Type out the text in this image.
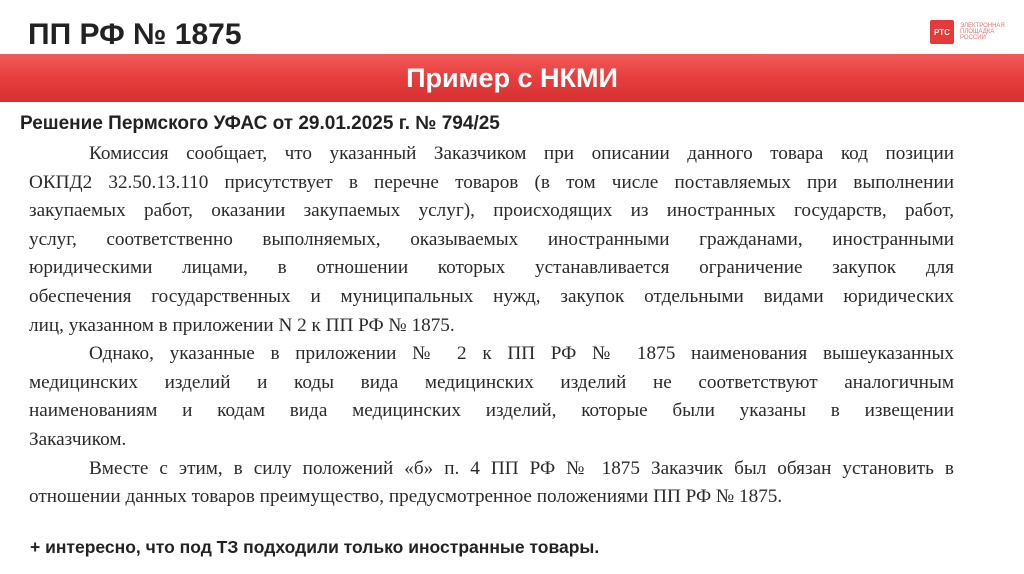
ПП РФ № 1875	РТС
ЭЛЕКТРОННАЯ ПЛОЩАДКА РОССИИ
Пример с НКМИ
Решение Пермского УФАС от 29.01.2025 г. № 794/25

Комиссия сообщает, что указанный Заказчиком при описании данного товара код позиции
ОКПД2 32.50.13.110 присутствует в перечне товаров (в том числе поставляемых при выполнении
закупаемых работ, оказании закупаемых услуг), происходящих из иностранных государств, работ,
услуг, соответственно выполняемых, оказываемых иностранными гражданами, иностранными
юридическими лицами, в отношении которых устанавливается ограничение закупок для
обеспечения государственных и муниципальных нужд, закупок отдельными видами юридических
лиц, указанном в приложении N 2 к ПП РФ № 1875.

Однако, указанные в приложении № 2 к ПП РФ № 1875 наименования вышеуказанных
медицинских изделий и коды вида медицинских изделий не соответствуют аналогичным
наименованиям и кодам вида медицинских изделий, которые были указаны в извещении
Заказчиком.

Вместе с этим, в силу положений «б» п. 4 ПП РФ № 1875 Заказчик был обязан установить в
отношении данных товаров преимущество, предусмотренное положениями ПП РФ № 1875.

+ интересно, что под ТЗ подходили только иностранные товары.
